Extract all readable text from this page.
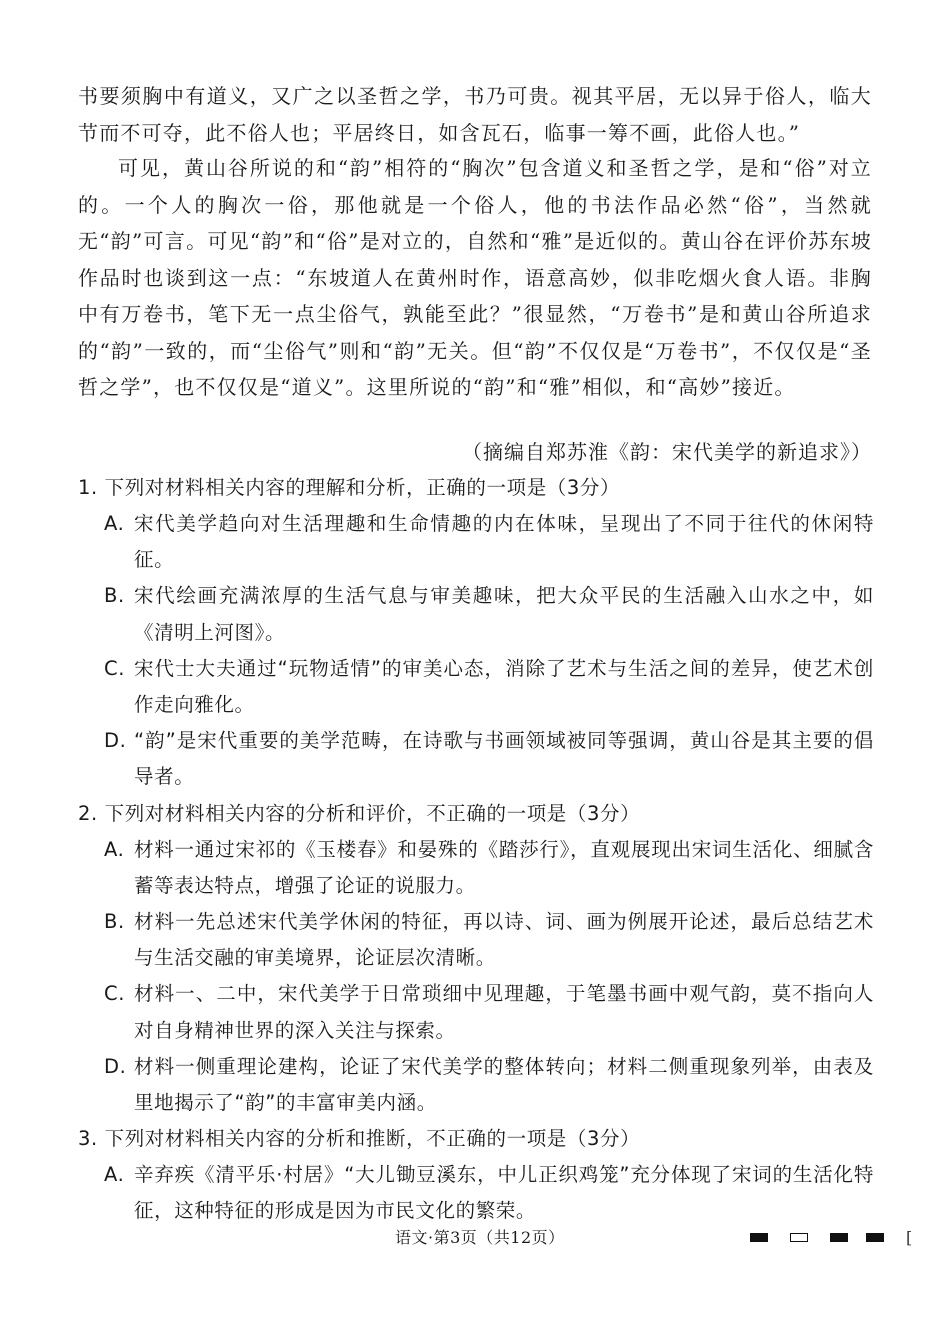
书要须胸中有道义，又广之以圣哲之学，书乃可贵。视其平居，无以异于俗人，临大节而不可夺，此不俗人也；平居终日，如含瓦石，临事一筹不画，此俗人也。”

可见，黄山谷所说的和“韵”相符的“胸次”包含道义和圣哲之学，是和“俗”对立的。一个人的胸次一俗，那他就是一个俗人，他的书法作品必然“俗”，当然就无“韵”可言。可见“韵”和“俗”是对立的，自然和“雅”是近似的。黄山谷在评价苏东坡作品时也谈到这一点：“东坡道人在黄州时作，语意高妙，似非吃烟火食人语。非胸中有万卷书，笔下无一点尘俗气，孰能至此？”很显然，“万卷书”是和黄山谷所追求的“韵”一致的，而“尘俗气”则和“韵”无关。但“韵”不仅仅是“万卷书”，不仅仅是“圣哲之学”，也不仅仅是“道义”。这里所说的“韵”和“雅”相似，和“高妙”接近。

（摘编自郑苏淮《韵：宋代美学的新追求》）

1. 下列对材料相关内容的理解和分析，正确的一项是（3分）

A. 宋代美学趋向对生活理趣和生命情趣的内在体味，呈现出了不同于往代的休闲特征。
B. 宋代绘画充满浓厚的生活气息与审美趣味，把大众平民的生活融入山水之中，如《清明上河图》。
C. 宋代士大夫通过“玩物适情”的审美心态，消除了艺术与生活之间的差异，使艺术创作走向雅化。
D. “韵”是宋代重要的美学范畴，在诗歌与书画领域被同等强调，黄山谷是其主要的倡导者。

2. 下列对材料相关内容的分析和评价，不正确的一项是（3分）

A. 材料一通过宋祁的《玉楼春》和晏殊的《踏莎行》，直观展现出宋词生活化、细腻含蓄等表达特点，增强了论证的说服力。
B. 材料一先总述宋代美学休闲的特征，再以诗、词、画为例展开论述，最后总结艺术与生活交融的审美境界，论证层次清晰。
C. 材料一、二中，宋代美学于日常琐细中见理趣，于笔墨书画中观气韵，莫不指向人对自身精神世界的深入关注与探索。
D. 材料一侧重理论建构，论证了宋代美学的整体转向；材料二侧重现象列举，由表及里地揭示了“韵”的丰富审美内涵。

3. 下列对材料相关内容的分析和推断，不正确的一项是（3分）

A. 辛弃疾《清平乐·村居》“大儿锄豆溪东，中儿正织鸡笼”充分体现了宋词的生活化特征，这种特征的形成是因为市民文化的繁荣。
语文·第3页（共12页）	[
